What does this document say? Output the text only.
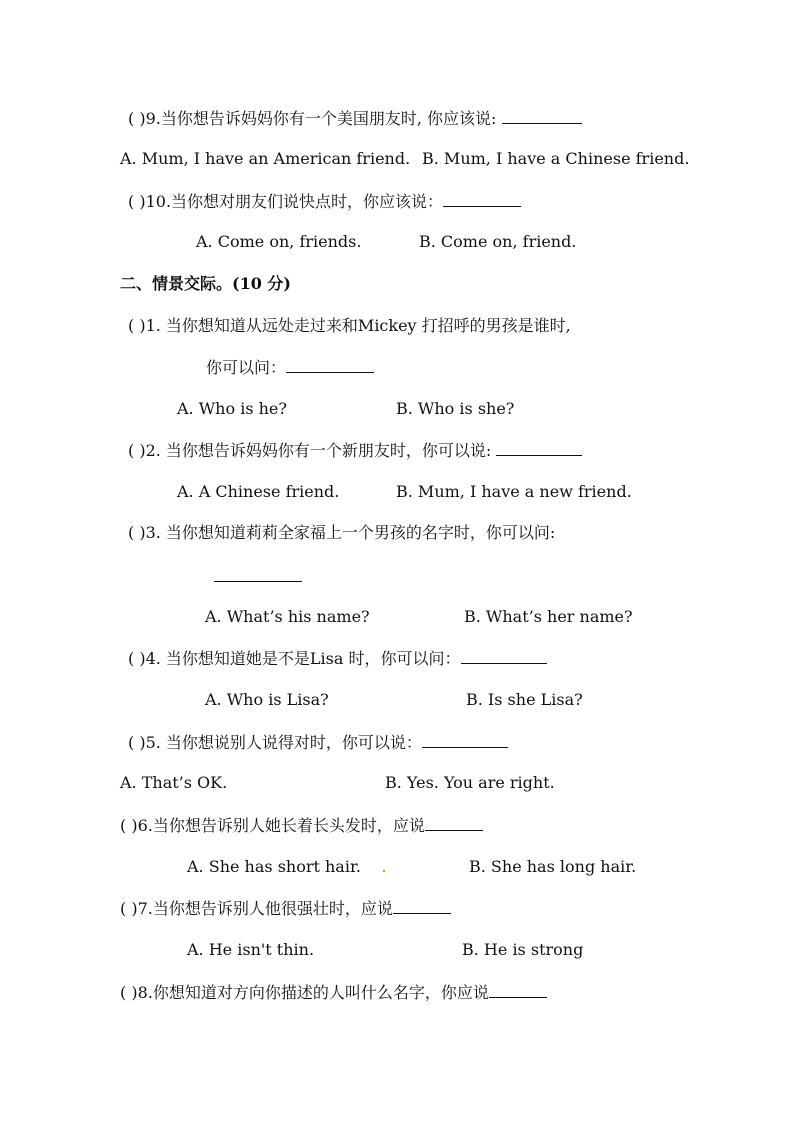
( )9.当你想告诉妈妈你有一个美国朋友时, 你应该说:
A. Mum, I have an American friend. B. Mum, I have a Chinese friend.
( )10.当你想对朋友们说快点时，你应该说：
A. Come on, friends.	B. Come on, friend.
二、情景交际。(10 分)
( )1. 当你想知道从远处走过来和Mickey 打招呼的男孩是谁时,
你可以问：
A. Who is he?	B. Who is she?
( )2. 当你想告诉妈妈你有一个新朋友时，你可以说:
A. A Chinese friend.	B. Mum, I have a new friend.
( )3. 当你想知道莉莉全家福上一个男孩的名字时，你可以问:
A. What’s his name?	B. What’s her name?
( )4. 当你想知道她是不是Lisa 时，你可以问：
A. Who is Lisa?	B. Is she Lisa?
( )5. 当你想说别人说得对时，你可以说：
A. That’s OK.	B. Yes. You are right.
( )6.当你想告诉别人她长着长头发时，应说
A. She has short hair.	B. She has long hair.
( )7.当你想告诉别人他很强壮时，应说
A. He isn't thin.	B. He is strong
( )8.你想知道对方向你描述的人叫什么名字，你应说
